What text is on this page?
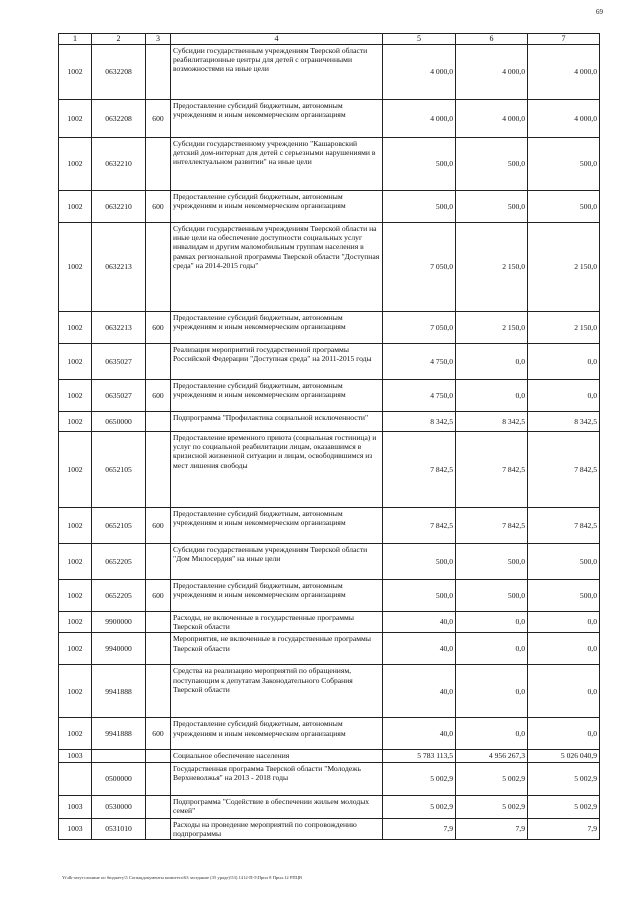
69
1	2	3	4	5	6	7
1002	0632208		Субсидии государственным учреждениям Тверской области реабилитационные центры для детей с ограниченными возможностями на иные цели	4 000,0	4 000,0	4 000,0
1002	0632208	600	Предоставление субсидий бюджетным, автономным учреждениям и иным некоммерческим организациям	4 000,0	4 000,0	4 000,0
1002	0632210		Субсидии государственному учреждению "Кашаровский детский дом-интернат для детей с серьезными нарушениями в интеллектуальном развитии" на иные цели	500,0	500,0	500,0
1002	0632210	600	Предоставление субсидий бюджетным, автономным учреждениям и иным некоммерческим организациям	500,0	500,0	500,0
1002	0632213		Субсидии государственным учреждениям Тверской области на иные цели на обеспечение доступности социальных услуг инвалидам и другим маломобильным группам населения в рамках региональной программы Тверской области "Доступная среда" на 2014-2015 годы"	7 050,0	2 150,0	2 150,0
1002	0632213	600	Предоставление субсидий бюджетным, автономным учреждениям и иным некоммерческим организациям	7 050,0	2 150,0	2 150,0
1002	0635027		Реализация мероприятий государственной программы Российской Федерации "Доступная среда" на 2011-2015 годы	4 750,0	0,0	0,0
1002	0635027	600	Предоставление субсидий бюджетным, автономным учреждениям и иным некоммерческим организациям	4 750,0	0,0	0,0
1002	0650000		Подпрограмма "Профилактика социальной исключенности"	8 342,5	8 342,5	8 342,5
1002	0652105		Предоставление временного приюта (социальная гостиница) и услуг по социальной реабилитации лицам, оказавшимся в кризисной жизненной ситуации и лицам, освободившимся из мест лишения свободы	7 842,5	7 842,5	7 842,5
1002	0652105	600	Предоставление субсидий бюджетным, автономным учреждениям и иным некоммерческим организациям	7 842,5	7 842,5	7 842,5
1002	0652205		Субсидии государственным учреждениям Тверской области "Дом Милосердия" на иные цели	500,0	500,0	500,0
1002	0652205	600	Предоставление субсидий бюджетным, автономным учреждениям и иным некоммерческим организациям	500,0	500,0	500,0
1002	9900000		Расходы, не включенные в государственные программы Тверской области	40,0	0,0	0,0
1002	9940000		Мероприятия, не включенные в государственные программы Тверской области	40,0	0,0	0,0
1002	9941888		Средства на реализацию мероприятий по обращениям, поступающим к депутатам Законодательного Собрания Тверской области	40,0	0,0	0,0
1002	9941888	600	Предоставление субсидий бюджетным, автономным учреждениям и иным некоммерческим организациям	40,0	0,0	0,0
1003			Социальное обеспечение населения	5 783 113,5	4 956 267,3	5 026 040,9
	0500000		Государственная программа Тверской области "Молодежь Верхневолжья" на 2013 - 2018 годы	5 002,9	5 002,9	5 002,9
1003	0530000		Подпрограмма "Содействие в обеспечении жильем молодых семей"	5 002,9	5 002,9	5 002,9
1003	0531010		Расходы на проведение мероприятий по сопровождению подпрограммы	7,9	7,9	7,9
Yi\dk-затутслонине по бюджету\5 Сопьщдокументы комитета\63 заседание (35 ураде)\53) 1412-П-5\Прил 8 Прил.12 РПЦВ
